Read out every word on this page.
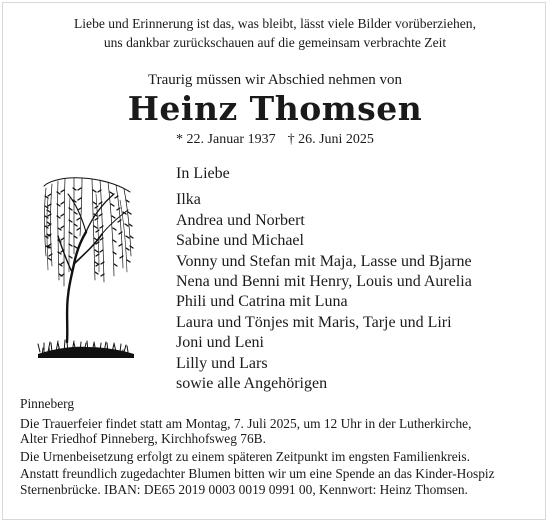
Liebe und Erinnerung ist das, was bleibt, lässt viele Bilder vorüberziehen,
uns dankbar zurückschauen auf die gemeinsam verbrachte Zeit
Traurig müssen wir Abschied nehmen von
Heinz Thomsen
* 22. Januar 1937 † 26. Juni 2025
In Liebe
Ilka
Andrea und Norbert
Sabine und Michael
Vonny und Stefan mit Maja, Lasse und Bjarne
Nena und Benni mit Henry, Louis und Aurelia
Phili und Catrina mit Luna
Laura und Tönjes mit Maris, Tarje und Liri
Joni und Leni
Lilly und Lars
sowie alle Angehörigen
Pinneberg

Die Trauerfeier findet statt am Montag, 7. Juli 2025, um 12 Uhr in der Lutherkirche,
Alter Friedhof Pinneberg, Kirchhofsweg 76B.

Die Urnenbeisetzung erfolgt zu einem späteren Zeitpunkt im engsten Familienkreis.

Anstatt freundlich zugedachter Blumen bitten wir um eine Spende an das Kinder-Hospiz
Sternenbrücke. IBAN: DE65 2019 0003 0019 0991 00, Kennwort: Heinz Thomsen.
